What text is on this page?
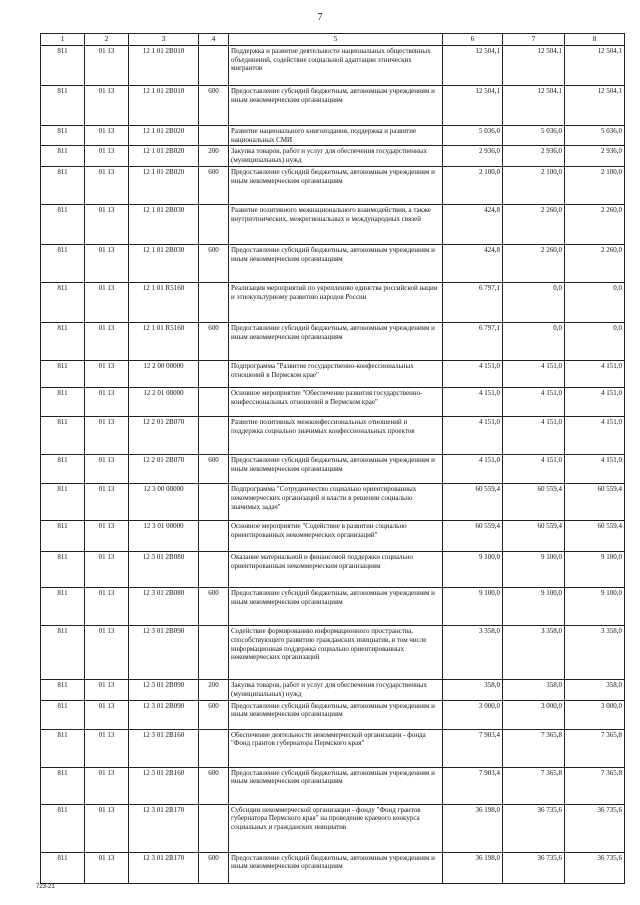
7
1	2	3	4	5	6	7	8
811	01 13	12 1 01 2B010		Поддержка и развитие деятельности национальных общественных объединений, содействие социальной адаптации этнических мигрантов	12 504,1	12 504,1	12 504,1
811	01 13	12 1 01 2B010	600	Предоставление субсидий бюджетным, автономным учреждениям и иным некоммерческим организациям	12 504,1	12 504,1	12 504,1
811	01 13	12 1 01 2B020		Развитие национального книгоиздания, поддержка и развитие национальных СМИ	5 036,0	5 036,0	5 036,0
811	01 13	12 1 01 2B020	200	Закупка товаров, работ и услуг для обеспечения государственных (муниципальных) нужд	2 936,0	2 936,0	2 936,0
811	01 13	12 1 01 2B020	600	Предоставление субсидий бюджетным, автономным учреждениям и иным некоммерческим организациям	2 100,0	2 100,0	2 100,0
811	01 13	12 1 01 2B030		Развитие позитивного межнационального взаимодействия, а также внутриэтнических, межрегиональных и международных связей	424,8	2 260,0	2 260,0
811	01 13	12 1 01 2B030	600	Предоставление субсидий бюджетным, автономным учреждениям и иным некоммерческим организациям	424,8	2 260,0	2 260,0
811	01 13	12 1 01 R5160		Реализация мероприятий по укреплению единства российской нации и этнокультурному развитию народов России	6 797,1	0,0	0,0
811	01 13	12 1 01 R5160	600	Предоставление субсидий бюджетным, автономным учреждениям и иным некоммерческим организациям	6 797,1	0,0	0,0
811	01 13	12 2 00 00000		Подпрограмма "Развитие государственно-конфессиональных отношений в Пермском крае"	4 151,0	4 151,0	4 151,0
811	01 13	12 2 01 00000		Основное мероприятие "Обеспечение развития государственно-конфессиональных отношений в Пермском крае"	4 151,0	4 151,0	4 151,0
811	01 13	12 2 01 2B070		Развитие позитивных межконфессиональных отношений и поддержка социально значимых конфессиональных проектов	4 151,0	4 151,0	4 151,0
811	01 13	12 2 01 2B070	600	Предоставление субсидий бюджетным, автономным учреждениям и иным некоммерческим организациям	4 151,0	4 151,0	4 151,0
811	01 13	12 3 00 00000		Подпрограмма "Сотрудничество социально ориентированных некоммерческих организаций и власти в решении социально значимых задач"	60 559,4	60 559,4	60 559,4
811	01 13	12 3 01 00000		Основное мероприятие "Содействие в развитии социально ориентированных некоммерческих организаций"	60 559,4	60 559,4	60 559,4
811	01 13	12 3 01 2B080		Оказание материальной и финансовой поддержки социально ориентированным некоммерческим организациям	9 100,0	9 100,0	9 100,0
811	01 13	12 3 01 2B080	600	Предоставление субсидий бюджетным, автономным учреждениям и иным некоммерческим организациям	9 100,0	9 100,0	9 100,0
811	01 13	12 3 01 2B090		Содействие формированию информационного пространства, способствующего развитию гражданских инициатив, в том числе информационная поддержка социально ориентированных некоммерческих организаций	3 358,0	3 358,0	3 358,0
811	01 13	12 3 01 2B090	200	Закупка товаров, работ и услуг для обеспечения государственных (муниципальных) нужд	358,0	358,0	358,0
811	01 13	12 3 01 2B090	600	Предоставление субсидий бюджетным, автономным учреждениям и иным некоммерческим организациям	3 000,0	3 000,0	3 000,0
811	01 13	12 3 01 2B160		Обеспечение деятельности некоммерческой организации - фонда "Фонд грантов губернатора Пермского края"	7 903,4	7 365,8	7 365,8
811	01 13	12 3 01 2B160	600	Предоставление субсидий бюджетным, автономным учреждениям и иным некоммерческим организациям	7 903,4	7 365,8	7 365,8
811	01 13	12 3 01 2B170		Субсидии некоммерческой организации - фонду "Фонд грантов губернатора Пермского края" на проведение краевого конкурса социальных и гражданских инициатив	36 198,0	36 735,6	36 735,6
811	01 13	12 3 01 2B170	600	Предоставление субсидий бюджетным, автономным учреждениям и иным некоммерческим организациям	36 198,0	36 735,6	36 735,6
723-21
